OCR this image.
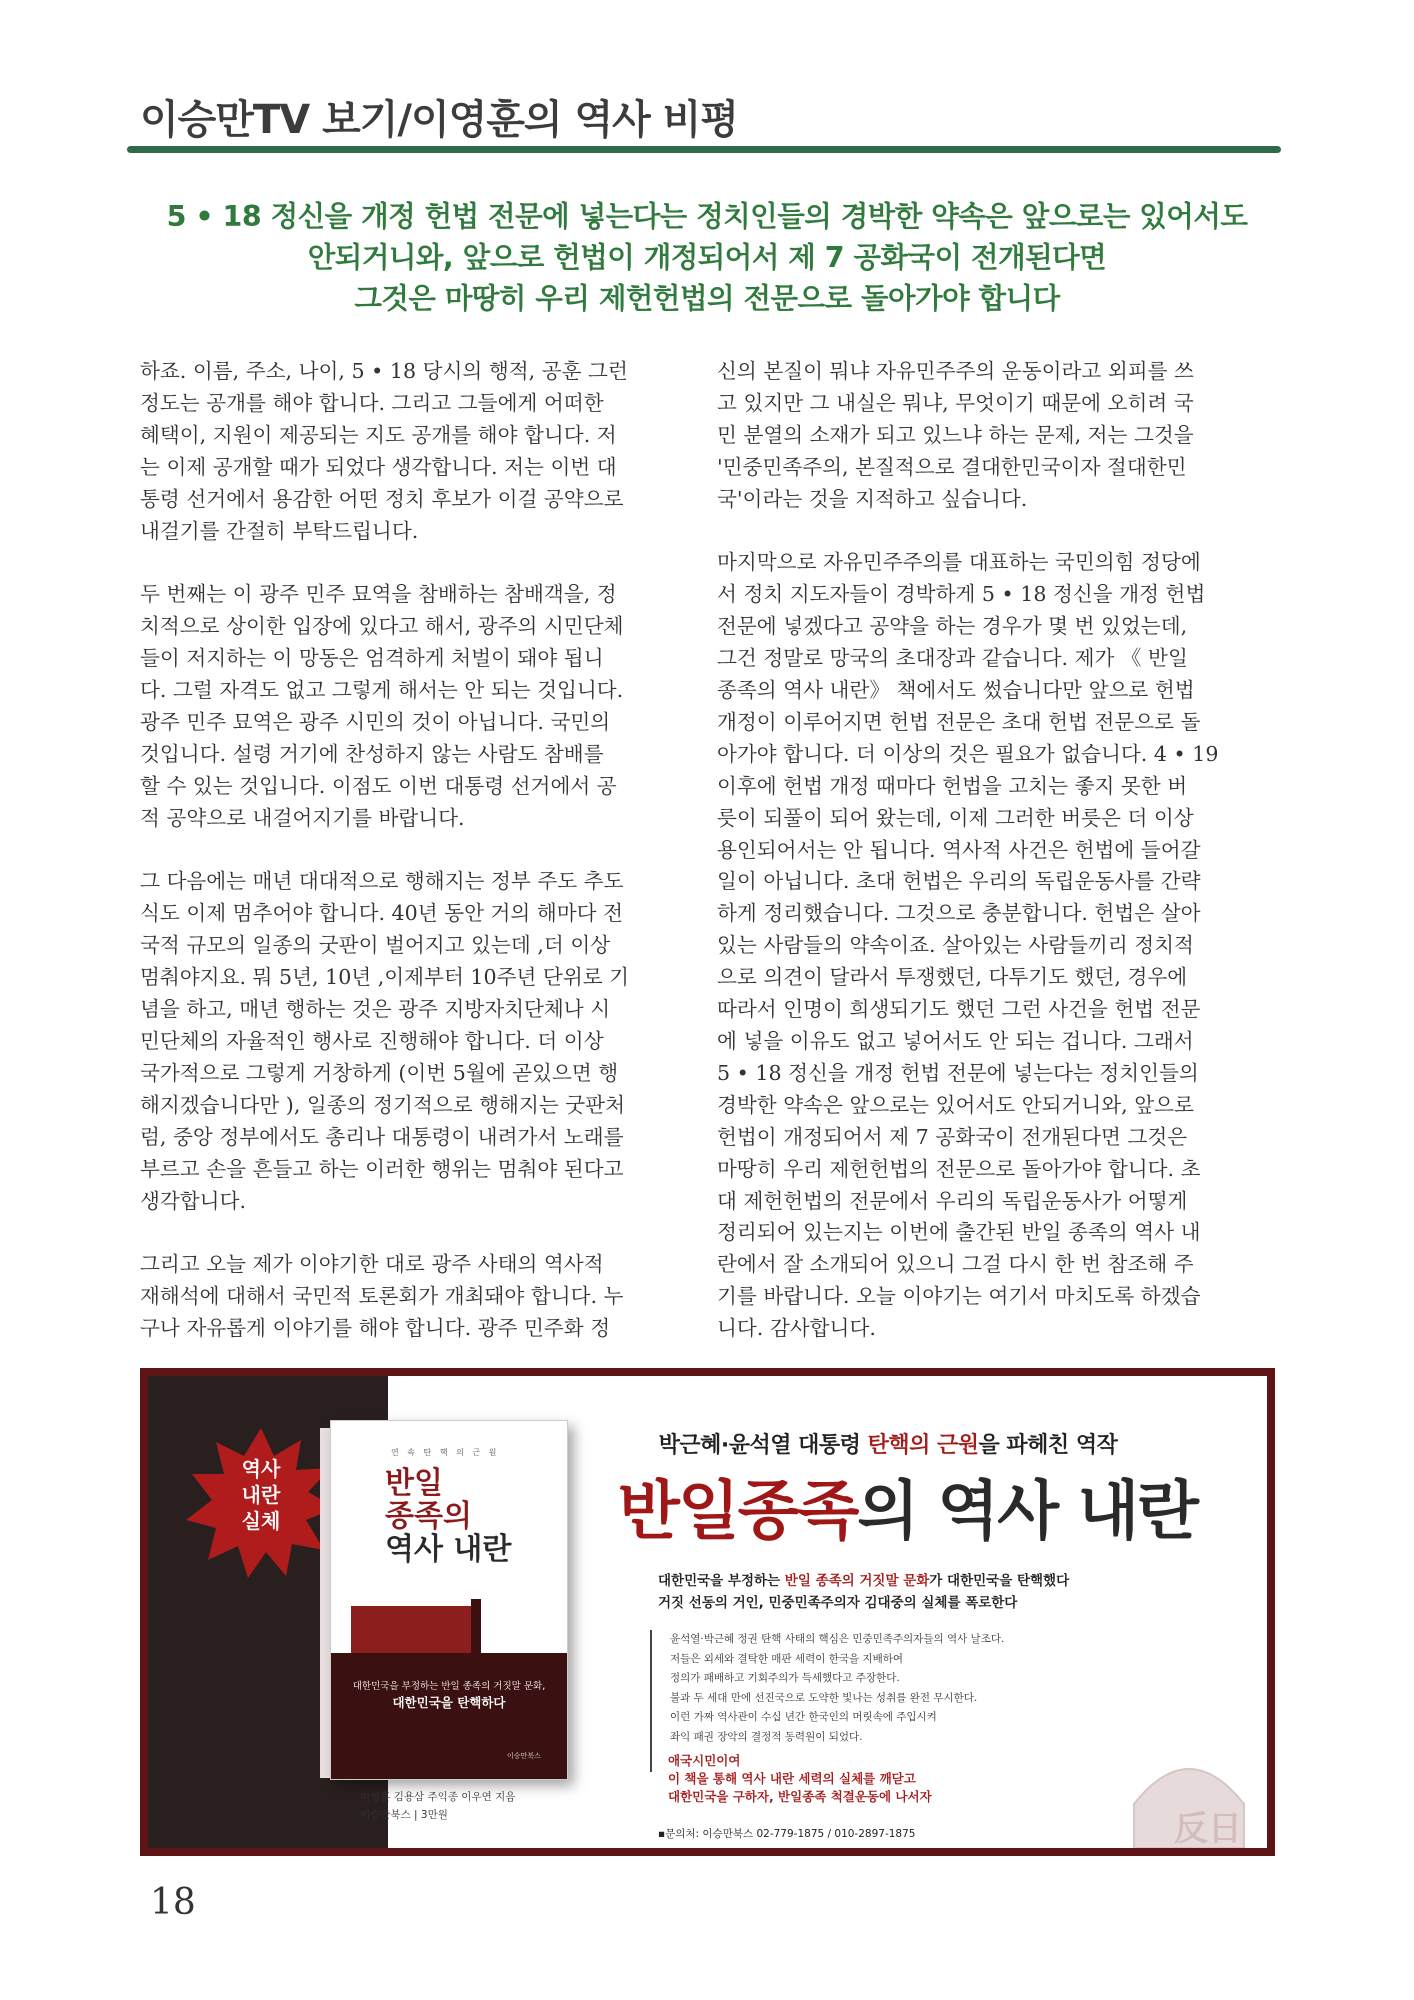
이승만TV 보기/이영훈의 역사 비평
5 • 18 정신을 개정 헌법 전문에 넣는다는 정치인들의 경박한 약속은 앞으로는 있어서도
안되거니와, 앞으로 헌법이 개정되어서 제 7 공화국이 전개된다면
그것은 마땅히 우리 제헌헌법의 전문으로 돌아가야 합니다

하죠. 이름, 주소, 나이, 5 • 18 당시의 행적, 공훈 그런

정도는 공개를 해야 합니다. 그리고 그들에게 어떠한

혜택이, 지원이 제공되는 지도 공개를 해야 합니다. 저

는 이제 공개할 때가 되었다 생각합니다. 저는 이번 대

통령 선거에서 용감한 어떤 정치 후보가 이걸 공약으로

내걸기를 간절히 부탁드립니다.

두 번째는 이 광주 민주 묘역을 참배하는 참배객을, 정

치적으로 상이한 입장에 있다고 해서, 광주의 시민단체

들이 저지하는 이 망동은 엄격하게 처벌이 돼야 됩니

다. 그럴 자격도 없고 그렇게 해서는 안 되는 것입니다.

광주 민주 묘역은 광주 시민의 것이 아닙니다. 국민의

것입니다. 설령 거기에 찬성하지 않는 사람도 참배를

할 수 있는 것입니다. 이점도 이번 대통령 선거에서 공

적 공약으로 내걸어지기를 바랍니다.

그 다음에는 매년 대대적으로 행해지는 정부 주도 추도

식도 이제 멈추어야 합니다. 40년 동안 거의 해마다 전

국적 규모의 일종의 굿판이 벌어지고 있는데 ,더 이상

멈춰야지요. 뭐 5년, 10년 ,이제부터 10주년 단위로 기

념을 하고, 매년 행하는 것은 광주 지방자치단체나 시

민단체의 자율적인 행사로 진행해야 합니다. 더 이상

국가적으로 그렇게 거창하게 (이번 5월에 곧있으면 행

해지겠습니다만 ), 일종의 정기적으로 행해지는 굿판처

럼, 중앙 정부에서도 총리나 대통령이 내려가서 노래를

부르고 손을 흔들고 하는 이러한 행위는 멈춰야 된다고

생각합니다.

그리고 오늘 제가 이야기한 대로 광주 사태의 역사적

재해석에 대해서 국민적 토론회가 개최돼야 합니다. 누

구나 자유롭게 이야기를 해야 합니다. 광주 민주화 정

신의 본질이 뭐냐 자유민주주의 운동이라고 외피를 쓰

고 있지만 그 내실은 뭐냐, 무엇이기 때문에 오히려 국

민 분열의 소재가 되고 있느냐 하는 문제, 저는 그것을

'민중민족주의, 본질적으로 결대한민국이자 절대한민

국'이라는 것을 지적하고 싶습니다.

마지막으로 자유민주주의를 대표하는 국민의힘 정당에

서 정치 지도자들이 경박하게 5 • 18 정신을 개정 헌법

전문에 넣겠다고 공약을 하는 경우가 몇 번 있었는데,

그건 정말로 망국의 초대장과 같습니다. 제가 《 반일

종족의 역사 내란》 책에서도 썼습니다만 앞으로 헌법

개정이 이루어지면 헌법 전문은 초대 헌법 전문으로 돌

아가야 합니다. 더 이상의 것은 필요가 없습니다. 4 • 19

이후에 헌법 개정 때마다 헌법을 고치는 좋지 못한 버

릇이 되풀이 되어 왔는데, 이제 그러한 버릇은 더 이상

용인되어서는 안 됩니다. 역사적 사건은 헌법에 들어갈

일이 아닙니다. 초대 헌법은 우리의 독립운동사를 간략

하게 정리했습니다. 그것으로 충분합니다. 헌법은 살아

있는 사람들의 약속이죠. 살아있는 사람들끼리 정치적

으로 의견이 달라서 투쟁했던, 다투기도 했던, 경우에

따라서 인명이 희생되기도 했던 그런 사건을 헌법 전문

에 넣을 이유도 없고 넣어서도 안 되는 겁니다. 그래서

5 • 18 정신을 개정 헌법 전문에 넣는다는 정치인들의

경박한 약속은 앞으로는 있어서도 안되거니와, 앞으로

헌법이 개정되어서 제 7 공화국이 전개된다면 그것은

마땅히 우리 제헌헌법의 전문으로 돌아가야 합니다. 초

대 제헌헌법의 전문에서 우리의 독립운동사가 어떻게

정리되어 있는지는 이번에 출간된 반일 종족의 역사 내

란에서 잘 소개되어 있으니 그걸 다시 한 번 참조해 주

기를 바랍니다. 오늘 이야기는 여기서 마치도록 하겠습

니다. 감사합니다.

역사
내란
실체
연 속 탄 핵 의 근 원
반일
종족의
역사 내란
대한민국을 부정하는 반일 종족의 거짓말 문화,
대한민국을 탄핵하다
이승만북스
이영훈 김용삼 주익종 이우연 지음
이승만북스 | 3만원
박근혜·윤석열 대통령 탄핵의 근원을 파헤친 역작
반일종족의 역사 내란
대한민국을 부정하는 반일 종족의 거짓말 문화가 대한민국을 탄핵했다
거짓 선동의 거인, 민중민족주의자 김대중의 실체를 폭로한다
윤석열·박근혜 정권 탄핵 사태의 핵심은 민중민족주의자들의 역사 날조다.
저들은 외세와 결탁한 매판 세력이 한국을 지배하여
정의가 패배하고 기회주의가 득세했다고 주장한다.
불과 두 세대 만에 선진국으로 도약한 빛나는 성취를 완전 무시한다.
이런 가짜 역사관이 수십 년간 한국인의 머릿속에 주입시켜
좌익 패권 장악의 결정적 동력원이 되었다.
애국시민이여
이 책을 통해 역사 내란 세력의 실체를 깨닫고
대한민국을 구하자, 반일종족 척결운동에 나서자
▪문의처: 이승만북스 02-779-1875 / 010-2897-1875	反日
18
